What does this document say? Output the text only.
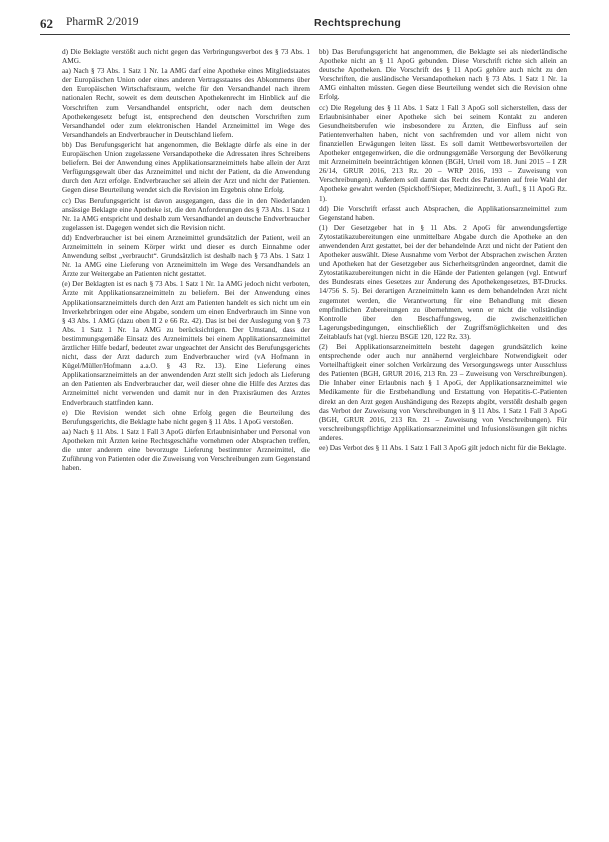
62 PharmR 2/2019	Rechtsprechung

d) Die Beklagte verstößt auch nicht gegen das Verbringungsverbot des § 73 Abs. 1 AMG.

aa) Nach § 73 Abs. 1 Satz 1 Nr. 1a AMG darf eine Apotheke eines Mitgliedstaates der Europäischen Union oder eines anderen Vertragsstaates des Abkommens über den Europäischen Wirtschaftsraum, welche für den Versandhandel nach ihrem nationalen Recht, soweit es dem deutschen Apothekenrecht im Hinblick auf die Vorschriften zum Versandhandel entspricht, oder nach dem deutschen Apothekengesetz befugt ist, entsprechend den deutschen Vorschriften zum Versandhandel oder zum elektronischen Handel Arzneimittel im Wege des Versandhandels an Endverbraucher in Deutschland liefern.

bb) Das Berufungsgericht hat angenommen, die Beklagte dürfe als eine in der Europäischen Union zugelassene Versandapotheke die Adressaten ihres Schreibens beliefern. Bei der Anwendung eines Applikationsarzneimittels habe allein der Arzt Verfügungsgewalt über das Arzneimittel und nicht der Patient, da die Anwendung durch den Arzt erfolge. Endverbraucher sei allein der Arzt und nicht der Patienten. Gegen diese Beurteilung wendet sich die Revision im Ergebnis ohne Erfolg.

cc) Das Berufungsgericht ist davon ausgegangen, dass die in den Niederlanden ansässige Beklagte eine Apotheke ist, die den Anforderungen des § 73 Abs. 1 Satz 1 Nr. 1a AMG entspricht und deshalb zum Versandhandel an deutsche Endverbraucher zugelassen ist. Dagegen wendet sich die Revision nicht.

dd) Endverbraucher ist bei einem Arzneimittel grundsätzlich der Patient, weil an Arzneimitteln in seinem Körper wirkt und dieser es durch Einnahme oder Anwendung selbst „verbraucht“. Grundsätzlich ist deshalb nach § 73 Abs. 1 Satz 1 Nr. 1a AMG eine Lieferung von Arzneimitteln im Wege des Versandhandels an Ärzte zur Weitergabe an Patienten nicht gestattet.

(e) Der Beklagten ist es nach § 73 Abs. 1 Satz 1 Nr. 1a AMG jedoch nicht verboten, Ärzte mit Applikationsarzneimitteln zu beliefern. Bei der Anwendung eines Applikationsarzneimittels durch den Arzt am Patienten handelt es sich nicht um ein Inverkehrbringen oder eine Abgabe, sondern um einen Endverbrauch im Sinne von § 43 Abs. 1 AMG (dazu oben II 2 e 66 Rz. 42). Das ist bei der Auslegung von § 73 Abs. 1 Satz 1 Nr. 1a AMG zu berücksichtigen. Der Umstand, dass der bestimmungsgemäße Einsatz des Arzneimittels bei einem Applikationsarzneimittel ärztlicher Hilfe bedarf, bedeutet zwar ungeachtet der Ansicht des Berufungsgerichts nicht, dass der Arzt dadurch zum Endverbraucher wird (vA Hofmann in Kügel/Müller/Hofmann a.a.O. § 43 Rz. 13). Eine Lieferung eines Applikationsarzneimittels an der anwendenden Arzt stellt sich jedoch als Lieferung an den Patienten als Endverbraucher dar, weil dieser ohne die Hilfe des Arztes das Arzneimittel nicht verwenden und damit nur in den Praxisräumen des Arztes Endverbrauch stattfinden kann.

e) Die Revision wendet sich ohne Erfolg gegen die Beurteilung des Berufungsgerichts, die Beklagte habe nicht gegen § 11 Abs. 1 ApoG verstoßen.

aa) Nach § 11 Abs. 1 Satz 1 Fall 3 ApoG dürfen Erlaubnisinhaber und Personal von Apotheken mit Ärzten keine Rechtsgeschäfte vornehmen oder Absprachen treffen, die unter anderem eine bevorzugte Lieferung bestimmter Arzneimittel, die Zuführung von Patienten oder die Zuweisung von Verschreibungen zum Gegenstand haben.

bb) Das Berufungsgericht hat angenommen, die Beklagte sei als niederländische Apotheke nicht an § 11 ApoG gebunden. Diese Vorschrift richte sich allein an deutsche Apotheken. Die Vorschrift des § 11 ApoG gehöre auch nicht zu den Vorschriften, die ausländische Versandapotheken nach § 73 Abs. 1 Satz 1 Nr. 1a AMG einhalten müssten. Gegen diese Beurteilung wendet sich die Revision ohne Erfolg.

cc) Die Regelung des § 11 Abs. 1 Satz 1 Fall 3 ApoG soll sicherstellen, dass der Erlaubnisinhaber einer Apotheke sich bei seinem Kontakt zu anderen Gesundheitsberufen wie insbesondere zu Ärzten, die Einfluss auf sein Patientenverhalten haben, nicht von sachfremden und vor allem nicht von finanziellen Erwägungen leiten lässt. Es soll damit Wettbewerbsvorteilen der Apotheker entgegenwirken, die die ordnungsgemäße Versorgung der Bevölkerung mit Arzneimitteln beeinträchtigen können (BGH, Urteil vom 18. Juni 2015 – I ZR 26/14, GRUR 2016, 213 Rz. 20 – WRP 2016, 193 – Zuweisung von Verschreibungen). Außerdem soll damit das Recht des Patienten auf freie Wahl der Apotheke gewahrt werden (Spickhoff/Sieper, Medizinrecht, 3. Aufl., § 11 ApoG Rz. 1).

dd) Die Vorschrift erfasst auch Absprachen, die Applikationsarzneimittel zum Gegenstand haben.

(1) Der Gesetzgeber hat in § 11 Abs. 2 ApoG für anwendungsfertige Zytostatikazubereitungen eine unmittelbare Abgabe durch die Apotheke an den anwendenden Arzt gestattet, bei der der behandelnde Arzt und nicht der Patient den Apotheker auswählt. Diese Ausnahme vom Verbot der Absprachen zwischen Ärzten und Apotheken hat der Gesetzgeber aus Sicherheitsgründen angeordnet, damit die Zytostatikazubereitungen nicht in die Hände der Patienten gelangen (vgl. Entwurf des Bundesrats eines Gesetzes zur Änderung des Apothekengesetzes, BT-Drucks. 14/756 S. 5). Bei derartigen Arzneimitteln kann es dem behandelnden Arzt nicht zugemutet werden, die Verantwortung für eine Behandlung mit diesen empfindlichen Zubereitungen zu übernehmen, wenn er nicht die vollständige Kontrolle über den Beschaffungsweg, die zwischenzeitlichen Lagerungsbedingungen, einschließlich der Zugriffsmöglichkeiten und des Zeitablaufs hat (vgl. hierzu BSGE 120, 122 Rz. 33).

(2) Bei Applikationsarzneimitteln besteht dagegen grundsätzlich keine entsprechende oder auch nur annähernd vergleichbare Notwendigkeit oder Vorteilhaftigkeit einer solchen Verkürzung des Versorgungswegs unter Ausschluss des Patienten (BGH, GRUR 2016, 213 Rn. 23 – Zuweisung von Verschreibungen). Die Inhaber einer Erlaubnis nach § 1 ApoG, der Applikationsarzneimittel wie Medikamente für die Erstbehandlung und Erstattung von Hepatitis-C-Patienten direkt an den Arzt gegen Aushändigung des Rezepts abgibt, verstößt deshalb gegen das Verbot der Zuweisung von Verschreibungen in § 11 Abs. 1 Satz 1 Fall 3 ApoG (BGH, GRUR 2016, 213 Rn. 21 – Zuweisung von Verschreibungen). Für verschreibungspflichtige Applikationsarzneimittel und Infusionslösungen gilt nichts anderes.

ee) Das Verbot des § 11 Abs. 1 Satz 1 Fall 3 ApoG gilt jedoch nicht für die Beklagte.
